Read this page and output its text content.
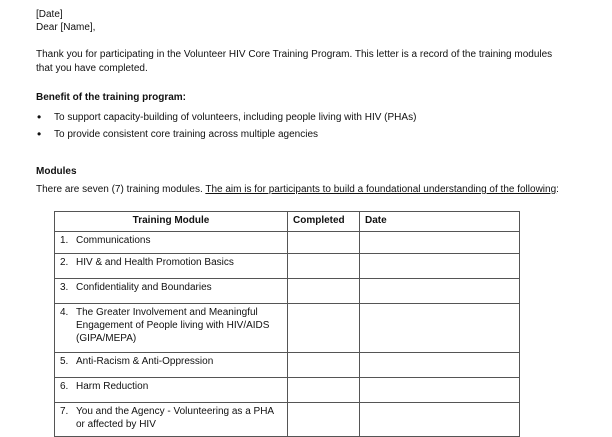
[Date]
Dear [Name],
Thank you for participating in the Volunteer HIV Core Training Program. This letter is a record of the training modules
that you have completed.
Benefit of the training program:
• To support capacity-building of volunteers, including people living with HIV (PHAs)
• To provide consistent core training across multiple agencies
Modules
There are seven (7) training modules. The aim is for participants to build a foundational understanding of the following:
Training Module	Completed	Date
1. Communications		
2. HIV & and Health Promotion Basics		
3. Confidentiality and Boundaries		
4. The Greater Involvement and Meaningful Engagement of People living with HIV/AIDS (GIPA/MEPA)		
5. Anti-Racism & Anti-Oppression		
6. Harm Reduction		
7. You and the Agency - Volunteering as a PHA or affected by HIV		
